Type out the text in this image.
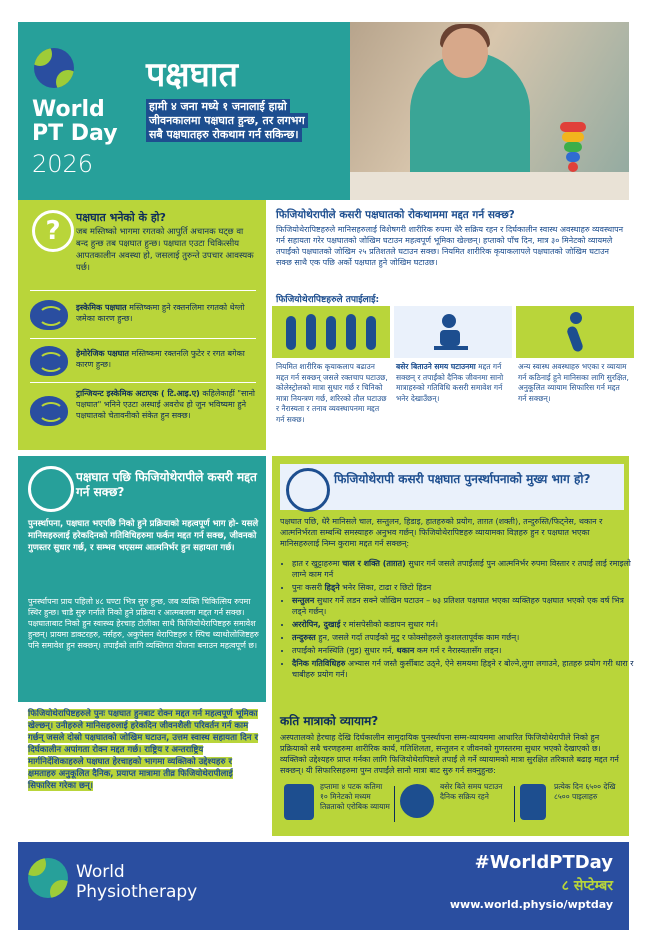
World
PT Day
2026
पक्षघात
हामी ४ जना मध्ये १ जनालाई हाम्रो जीवनकालमा पक्षघात हुन्छ, तर लगभग सबै पक्षघातहरु रोकथाम गर्न सकिन्छ।
?	पक्षघात भनेको के हो?
जब मस्तिष्को भागमा रगतको आपुर्ति अचानक घट्छ वा बन्द हुन्छ तब पक्षघात हुन्छ। पक्षघात एउटा चिकित्सीय आपतकालीन अवस्था हो, जसलाई तुरुन्ते उपचार आवस्यक पर्छ।
इस्केमिक पक्षघात मस्तिष्कमा हुने रक्तनलिमा रगतको थेग्लो जमेका कारण हुन्छ।
हेमोरेजिक पक्षघात मस्तिष्कमा रक्तनलि फुटेर र रगत बगेका कारण हुन्छ।
ट्रान्जियन्ट इस्केमिक अटाएक ( टि.आइ.ए) कहिलेकाहीं "सानो पक्षघात" भनिने एउटा अस्थाई अवरोध हो जुन भविष्यमा हुने पक्षघातको चेतावनीको संकेत हुन सक्छ।
फिजियोथेरापीले कसरी पक्षघातको रोकथाममा मद्दत गर्न सक्छ?
फिजियोथेरापिष्टहरुले मानिसहरुलाई विशेषगरी शारीरिक रुपमा धेरै सक्रिय रहन र दिर्घकालीन स्वास्थ अवस्थाहरु व्यवस्थापन गर्न सहायता गरेर पक्षघातको जोखिम घटाउन महत्वपूर्ण भूमिका खेल्छन्। हप्ताको पाँच दिन, मात्र ३० मिनेटको व्यायमले तपाईंको पक्षघातको जोखिम २५ प्रतिशतले घटाउन सक्छ। नियमित शारीरिक कृयाकलापले पक्षघातको जोखिम घटाउन सक्छ साथै एक पछि अर्को पक्षघात हुने जोखिम घटाउछ।
फिजियोथेरापिष्टहरुले तपाईलाई:
नियमित शारीरिक कृयाकलाप बढाउन मद्दत गर्न सक्छन् जसले रक्तचाप घटाउछ, कोलेस्ट्रोलको मात्रा सुधार गर्छ र चिनिको मात्रा नियन्त्रण गर्छ, शरिरको तौल घटाउछ र नैरास्यता र तनाव व्यवस्थापनमा मद्दत गर्न सक्छ।
बसेर बिताउने समय घटाउनमा मद्दत गर्न सक्छन् र तपाईंको दैनिक जीवनमा सानो मात्राहरुको गतिविधि कसरी समावेश गर्न भनेर देखाउँछन्।
अन्य स्वास्थ अवस्थाहरु भएका र व्यायाम गर्न कठिनाई हुने मानिसका लागि सुरक्षित, अनुकूलित व्यायाम सिफारिस गर्न मद्दत गर्न सक्छन्।
पक्षघात पछि फिजियोथेरापीले कसरी मद्दत गर्न सक्छ?
पुनर्स्थापना, पक्षघात भएपछि निको हुने प्रक्रियाको महत्वपूर्ण भाग हो- यसले मानिसहरुलाई हरेकदिनको गतिविधिहरुमा फर्कन मद्दत गर्न सक्छ, जीवनको गुणस्तर सुधार गर्छ, र सम्भव भएसम्म आत्मनिर्भर हुन सहायता गर्छ।
पुनर्स्थापना प्राय पहिलो ४८ घण्टा भित्र सुरु हुन्छ, जब व्यक्ति चिकित्सिय रुपमा स्थिर हुन्छ। चाडै सुरु गर्नाले निको हुने प्रक्रिया र आत्मबलमा मद्दत गर्न सक्छ। पक्षघाताबाट निको हुन स्वास्थ्य हेरचाह टोलीका साथै फिजियोथेरापिष्टहरु समावेश हुन्छन्। प्रायमा डाक्टरहरु, नर्सहरु, अकुपेसन थेरापिष्टहरु र स्पिच थ्याथोलोजिष्टहरु पनि समावेश हुन सक्छन्। तपाईंको लागि व्यक्तिगत योजना बनाउन महत्वपूर्ण छ।
फिजियोथेरापिष्टहरुले पुनः पक्षघात हुनबाट रोक्न मद्दत गर्न महत्वपूर्ण भूमिका खेल्छन्। उनीहरुले मानिसहरुलाई हरेकदिन जीवनशैली परिवर्तन गर्न काम गर्छन् जसले दोस्रो पक्षघातको जोखिम घटाउन, उत्तम स्वास्थ सहायता दिन र दिर्घकालीन अपांगता रोक्न मद्दत गर्छ। राष्ट्रिय र अन्तराष्ट्रिय मार्गनिर्देशिकाहरुले पक्षघात हेरचाहको भागमा व्यक्तिको उद्देश्यहरु र क्षमताहरु अनुकूलित दैनिक, प्रयाप्त मात्रामा तीव्र फिजियोथेरापीलाई सिफारिस गरेका छन्।
फिजियोथेरापी कसरी पक्षघात पुनर्स्थापनाको मुख्य भाग हो?
पक्षघात पछि, धेरै मानिसले चाल, सन्तुलन, हिडाइ, हातहरुको प्रयोग, ताग़त (शक्ती), तन्दुरुस्ति/फिट्नेस, थकान र आत्मनिर्भरता सम्बन्धि समस्याहरु अनुभव गर्छन्। फिजियोथेरापिष्टहरु व्यायामका विज्ञहरु हुन र पक्षघात भएका मानिसहरुलाई निम्न कुरामा मद्दत गर्न सक्छन्:
• हात र खुट्टाहरुमा चाल र शक्ति (ताग़त) सुधार गर्न जसले तपाईंलाई पुन आत्मनिर्भर रुपमा विस्तार र तपाईं लाई रमाइलो लाग्ने काम गर्न
• पुनः कसरी हिड्ने भनेर सिका, टाढा र छिटो हिडन
• सन्तुलन सुधार गर्ने लडन सक्ने जोखिम घटाउन – ७३ प्रतिशत पक्षघात भएका व्यक्तिहरु पक्षघात भएको एक वर्ष भित्र लड्ने गर्छन्।
• अररोपिन, दुखाई र मांसपेसीको कडापन सुधार गर्न।
• तन्दुरुस्त हुन, जसले गर्दा तपाईंको मुटु र फोक्सोहरुले कुशलतापूर्वक काम गर्छन्।
• तपाईंको मनस्थिति (मुड) सुधार गर्न, थकान कम गर्न र नैरास्यतासँग लड्न।
• दैनिक गतिविधिहरु अभ्यास गर्न जस्तै कुर्सीबाट उठ्ने, ऐने समयमा हिड्ने र बोल्ने,लुगा लगाउने, हातहरु प्रयोग गरी धारा र चाबीहरु प्रयोग गर्न।
कति मात्राको व्यायाम?
अस्पतालको हेरचाह देखि दिर्घकालीन सामुदायिक पुनर्स्थापना सम्म-व्यायममा आधारित फिजियोथेरापीले निको हुन प्रक्रियाको सबै चरणहरुमा शारीरिक कार्य, गतिशिलता, सन्तुलन र जीवनको गुणस्तरमा सुधार भएको देखाएको छ। व्यक्तिको उद्देश्यहरु प्राप्त गर्नका लागि फिजियोथेरापिष्टले तपाईं ले गर्ने व्यायामको मात्रा सुरक्षित तरिकाले बढाइ मद्दत गर्न सक्छन्। यी सिफारिसहरुमा पुग्न तपाईंले सानो मात्रा बाट सुरु गर्न सक्नुहुन्छ:
हप्तामा ४ पटक कतिमा १० मिनेटको मध्यम तिव्रताको एरोबिक व्यायाम
बसेर बिते समय घटाउन दैनिक सक्रिय रहने
प्रत्येक दिन ६५०० देखि ८५०० पाइलाहरु
World
Physiotherapy
#WorldPTDay
८ सेप्टेम्बर
www.world.physio/wptday
